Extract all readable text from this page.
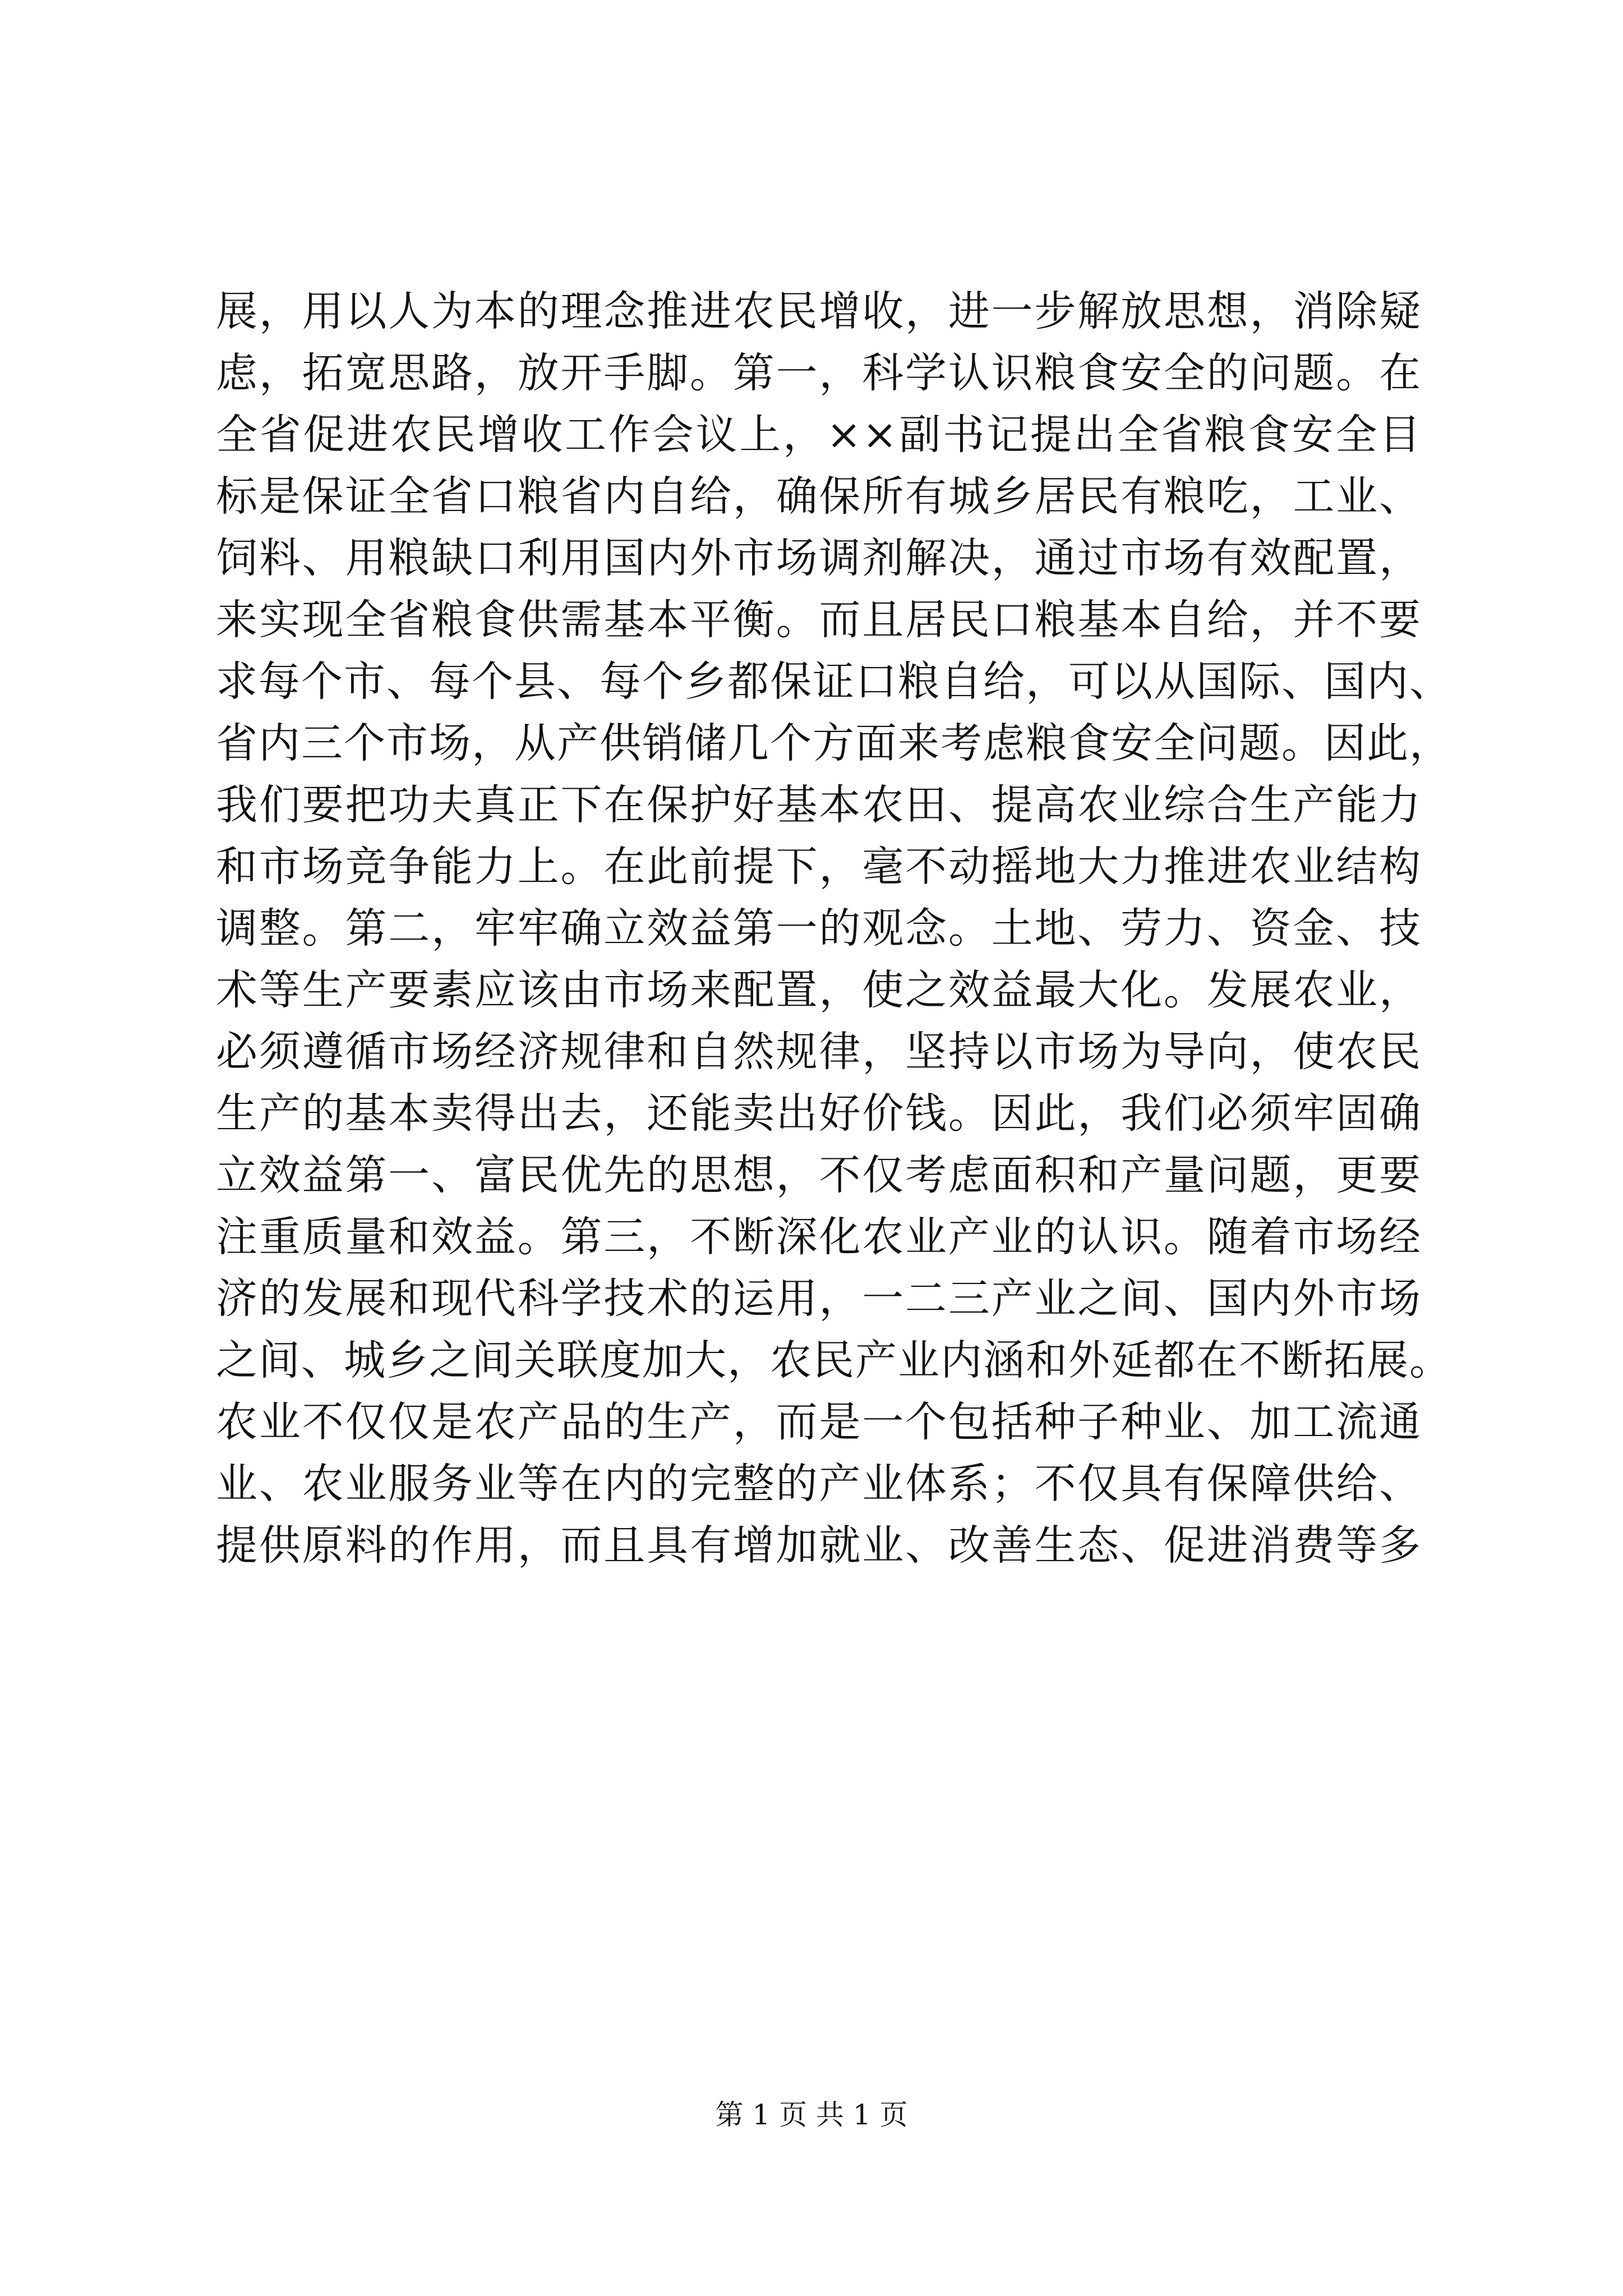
展，用以人为本的理念推进农民增收，进一步解放思想，消除疑
虑，拓宽思路，放开手脚。第一，科学认识粮食安全的问题。在
全省促进农民增收工作会议上，××副书记提出全省粮食安全目
标是保证全省口粮省内自给，确保所有城乡居民有粮吃，工业、
饲料、用粮缺口利用国内外市场调剂解决，通过市场有效配置，
来实现全省粮食供需基本平衡。而且居民口粮基本自给，并不要
求每个市、每个县、每个乡都保证口粮自给，可以从国际、国内、
省内三个市场，从产供销储几个方面来考虑粮食安全问题。因此，
我们要把功夫真正下在保护好基本农田、提高农业综合生产能力
和市场竞争能力上。在此前提下，毫不动摇地大力推进农业结构
调整。第二，牢牢确立效益第一的观念。土地、劳力、资金、技
术等生产要素应该由市场来配置，使之效益最大化。发展农业，
必须遵循市场经济规律和自然规律，坚持以市场为导向，使农民
生产的基本卖得出去，还能卖出好价钱。因此，我们必须牢固确
立效益第一、富民优先的思想，不仅考虑面积和产量问题，更要
注重质量和效益。第三，不断深化农业产业的认识。随着市场经
济的发展和现代科学技术的运用，一二三产业之间、国内外市场
之间、城乡之间关联度加大，农民产业内涵和外延都在不断拓展。
农业不仅仅是农产品的生产，而是一个包括种子种业、加工流通
业、农业服务业等在内的完整的产业体系；不仅具有保障供给、
提供原料的作用，而且具有增加就业、改善生态、促进消费等多
第 1 页 共 1 页
